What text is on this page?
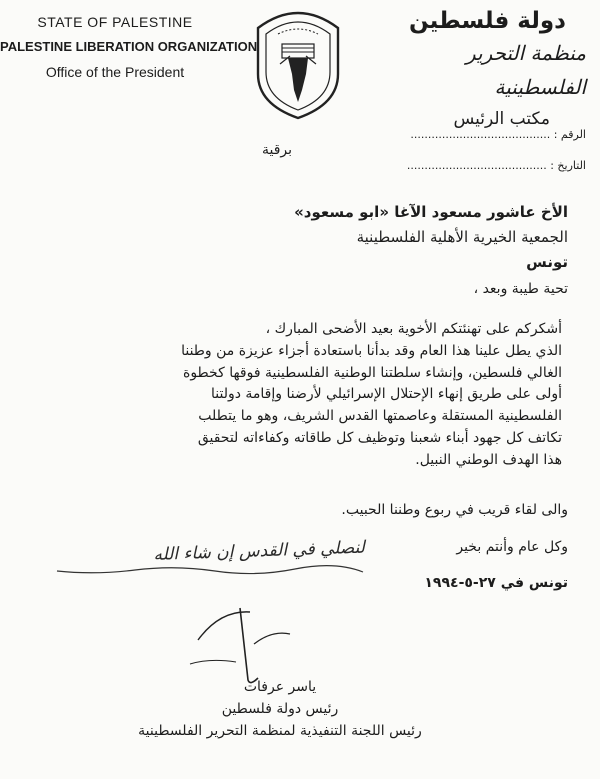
STATE OF PALESTINE

PALESTINE LIBERATION ORGANIZATION

Office of the President

دولة فلسطين

منظمة التحرير الفلسطينية

مكتب الرئيس

الرقم : ........................................
التاريخ : ........................................
برقية
الأخ عاشور مسعود الآغا «ابو مسعود»
الجمعية الخيرية الأهلية الفلسطينية
تونس
تحية طيبة وبعد ،
أشكركم على تهنئتكم الأخوية بعيد الأضحى المبارك ،
الذي يطل علينا هذا العام وقد بدأنا باستعادة أجزاء عزيزة من وطننا
الغالي فلسطين، وإنشاء سلطتنا الوطنية الفلسطينية فوقها كخطوة
أولى على طريق إنهاء الإحتلال الإسرائيلي لأرضنا وإقامة دولتنا
الفلسطينية المستقلة وعاصمتها القدس الشريف، وهو ما يتطلب
تكاتف كل جهود أبناء شعبنا وتوظيف كل طاقاته وكفاءاته لتحقيق
هذا الهدف الوطني النبيل.
والى لقاء قريب في ربوع وطننا الحبيب.
وكل عام وأنتم بخير
لنصلي في القدس إن شاء الله
تونس في ٢٧-٥-١٩٩٤

ياسر عرفات

رئيس دولة فلسطين

رئيس اللجنة التنفيذية لمنظمة التحرير الفلسطينية
